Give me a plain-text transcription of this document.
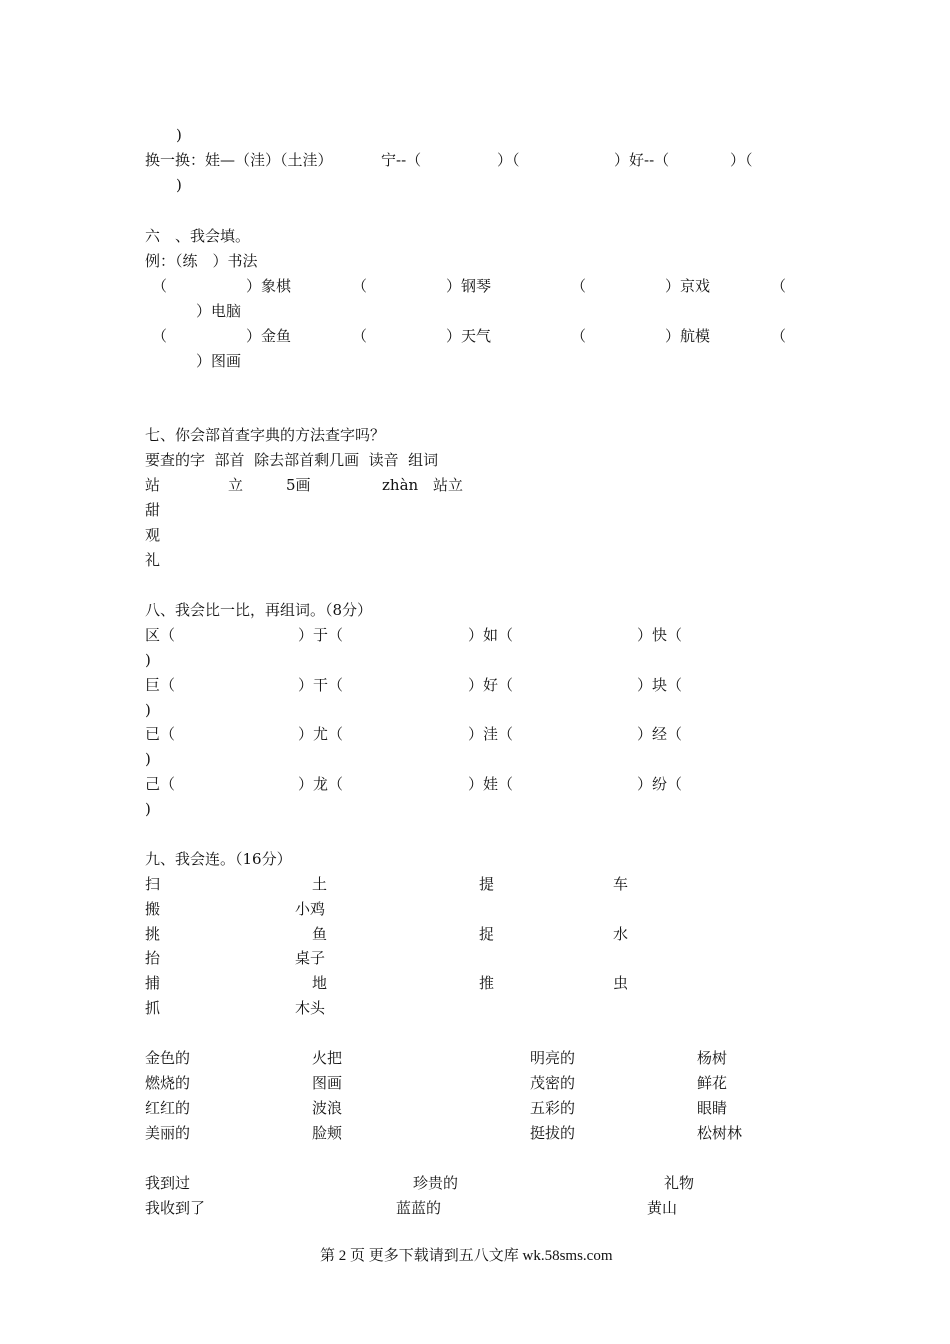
)
换一换： 娃—（洼）（土洼）	宁--（	）（	）好--（	）（
)
六　、我会填。
例：（练　）书法
（	）象棋	（	）钢琴	（	）京戏	（
）电脑
（	）金鱼	（	）天气	（	）航模	（
）图画
七、你会部首查字典的方法查字吗？
要查的字  部首  除去部首剩几画  读音  组词
站	立	5画	zhàn 站立
甜
观
礼
八、我会比一比，再组词。（8分）
区（	）于（	）如（	）快（
)
巨（	）干（	）好（	）块（
)
已（	）尤（	）洼（	）经（
)
己（	）龙（	）娃（	）纷（
)
九、我会连。（16分）
扫	土	提	车
搬	小鸡
挑	鱼	捉	水
抬	桌子
捕	地	推	虫
抓	木头
金色的	火把	明亮的	杨树
燃烧的	图画	茂密的	鲜花
红红的	波浪	五彩的	眼睛
美丽的	脸颊	挺拔的	松树林
我到过	珍贵的	礼物
我收到了	蓝蓝的	黄山
第 2 页 更多下载请到五八文库 wk.58sms.com
